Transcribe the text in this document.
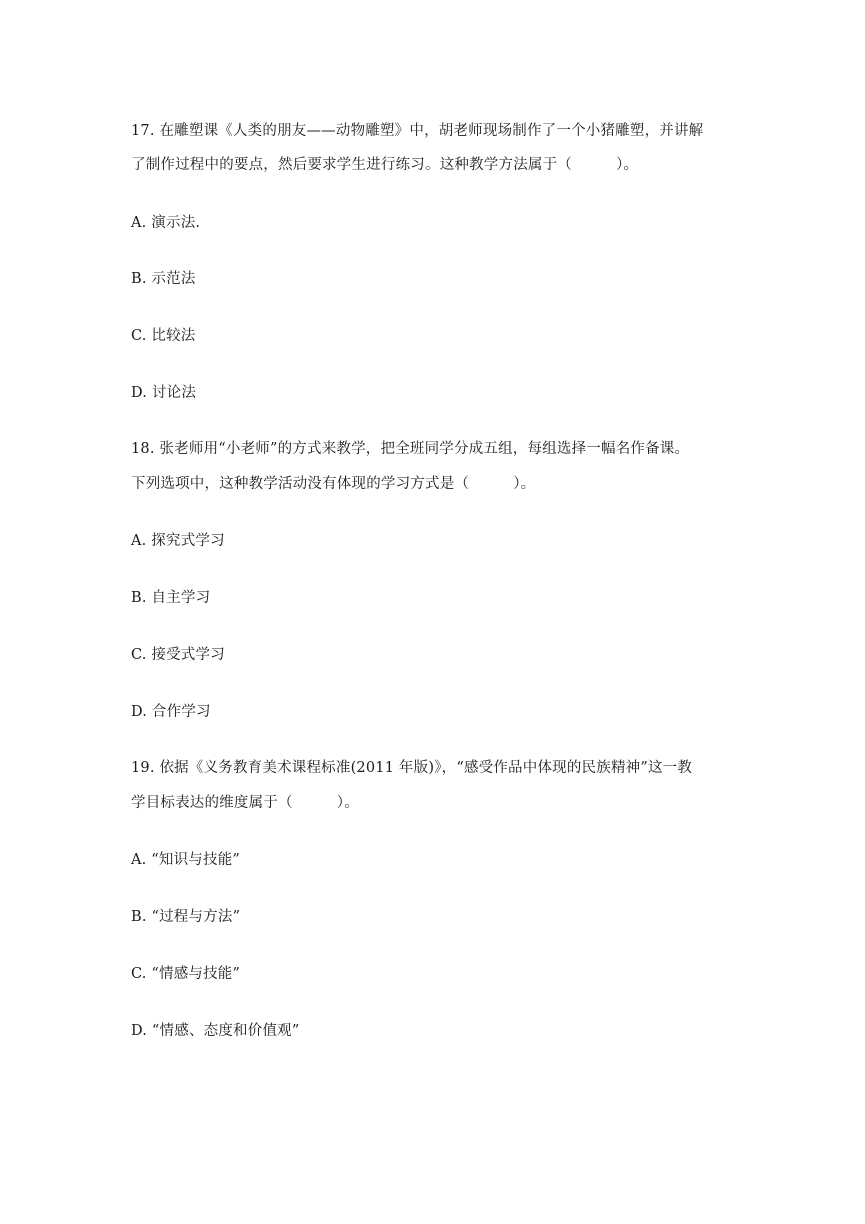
17. 在雕塑课《人类的朋友——动物雕塑》中，胡老师现场制作了一个小猪雕塑，并讲解
了制作过程中的要点，然后要求学生进行练习。这种教学方法属于（　　　）。
A. 演示法.
B. 示范法
C. 比较法
D. 讨论法
18. 张老师用“小老师”的方式来教学，把全班同学分成五组，每组选择一幅名作备课。
下列选项中，这种教学活动没有体现的学习方式是（　　　）。
A. 探究式学习
B. 自主学习
C. 接受式学习
D. 合作学习
19. 依据《义务教育美术课程标准(2011 年版)》，“感受作品中体现的民族精神”这一教
学目标表达的维度属于（　　　）。
A. “知识与技能”
B. “过程与方法”
C. “情感与技能”
D. “情感、态度和价值观”
